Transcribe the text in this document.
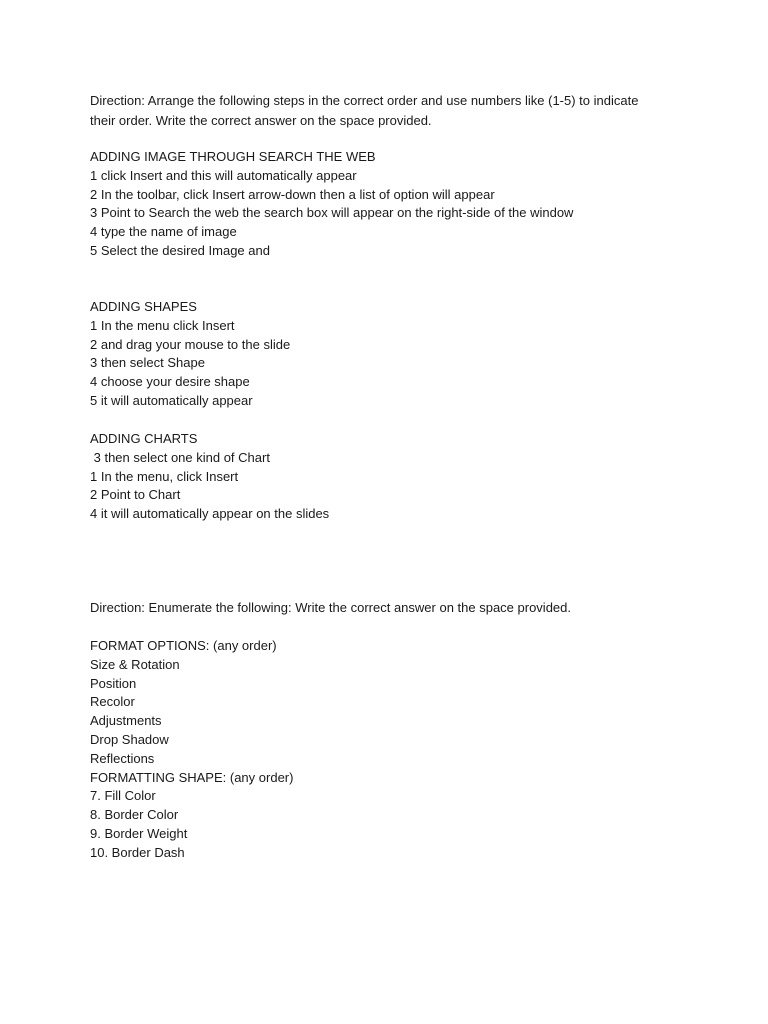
Direction: Arrange the following steps in the correct order and use numbers like (1-5) to indicate
their order. Write the correct answer on the space provided.
ADDING IMAGE THROUGH SEARCH THE WEB
1 click Insert and this will automatically appear
2 In the toolbar, click Insert arrow-down then a list of option will appear
3 Point to Search the web the search box will appear on the right-side of the window
4 type the name of image
5 Select the desired Image and
ADDING SHAPES
1 In the menu click Insert
2 and drag your mouse to the slide
3 then select Shape
4 choose your desire shape
5 it will automatically appear
ADDING CHARTS
3 then select one kind of Chart
1 In the menu, click Insert
2 Point to Chart
4 it will automatically appear on the slides
Direction: Enumerate the following: Write the correct answer on the space provided.
FORMAT OPTIONS: (any order)
Size & Rotation
Position
Recolor
Adjustments
Drop Shadow
Reflections
FORMATTING SHAPE: (any order)
7. Fill Color
8. Border Color
9. Border Weight
10. Border Dash
